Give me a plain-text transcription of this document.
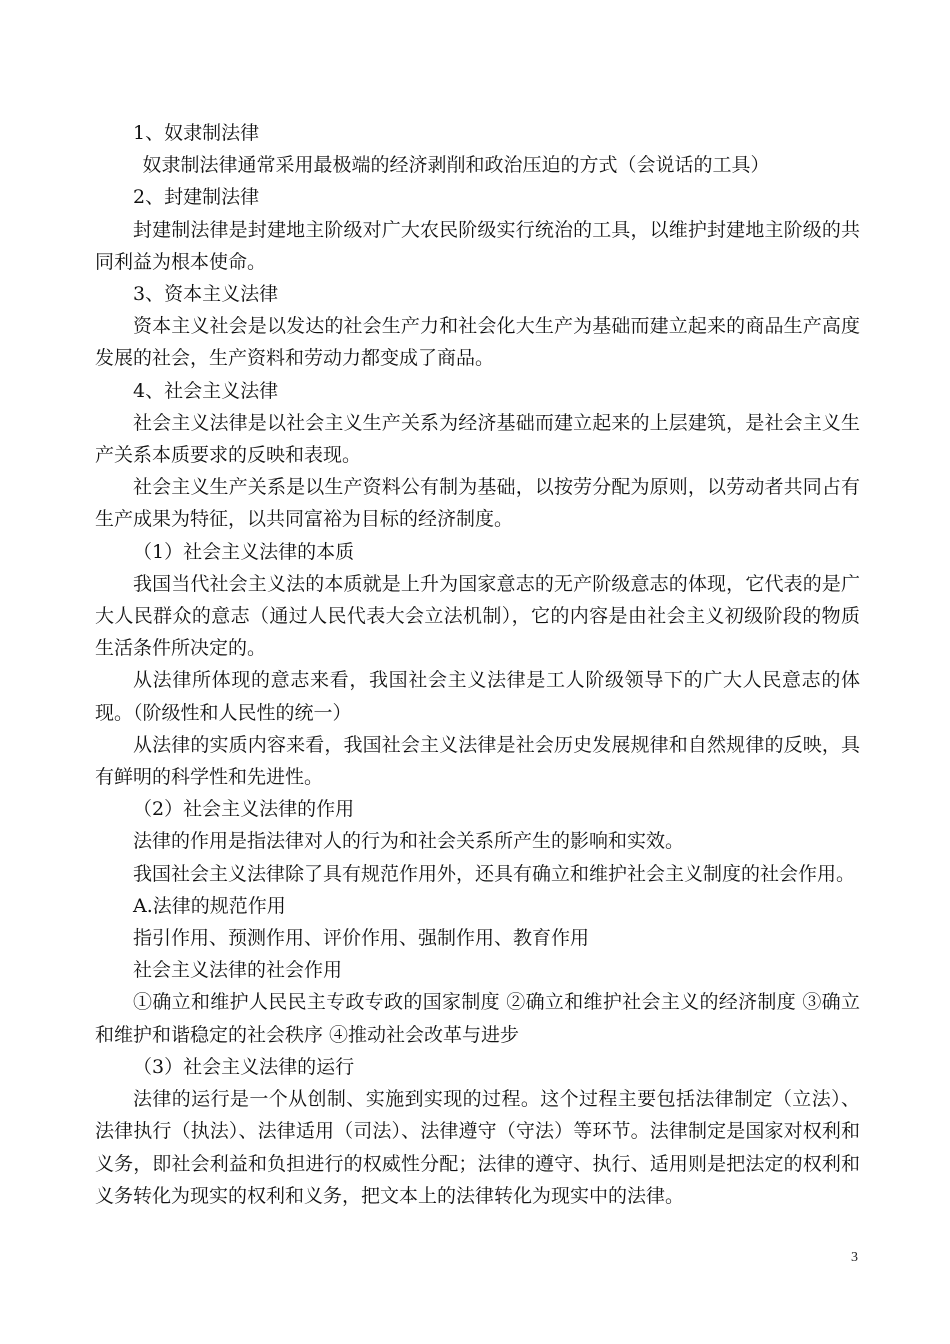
1、奴隶制法律

奴隶制法律通常采用最极端的经济剥削和政治压迫的方式（会说话的工具）

2、封建制法律

封建制法律是封建地主阶级对广大农民阶级实行统治的工具，以维护封建地主阶级的共同利益为根本使命。

3、资本主义法律

资本主义社会是以发达的社会生产力和社会化大生产为基础而建立起来的商品生产高度发展的社会，生产资料和劳动力都变成了商品。

4、社会主义法律

社会主义法律是以社会主义生产关系为经济基础而建立起来的上层建筑，是社会主义生产关系本质要求的反映和表现。

社会主义生产关系是以生产资料公有制为基础，以按劳分配为原则，以劳动者共同占有生产成果为特征，以共同富裕为目标的经济制度。

（1）社会主义法律的本质

我国当代社会主义法的本质就是上升为国家意志的无产阶级意志的体现，它代表的是广大人民群众的意志（通过人民代表大会立法机制），它的内容是由社会主义初级阶段的物质生活条件所决定的。

从法律所体现的意志来看，我国社会主义法律是工人阶级领导下的广大人民意志的体现。（阶级性和人民性的统一）

从法律的实质内容来看，我国社会主义法律是社会历史发展规律和自然规律的反映，具有鲜明的科学性和先进性。

（2）社会主义法律的作用

法律的作用是指法律对人的行为和社会关系所产生的影响和实效。

我国社会主义法律除了具有规范作用外，还具有确立和维护社会主义制度的社会作用。

A.法律的规范作用

指引作用、预测作用、评价作用、强制作用、教育作用

社会主义法律的社会作用

①确立和维护人民民主专政专政的国家制度 ②确立和维护社会主义的经济制度 ③确立和维护和谐稳定的社会秩序 ④推动社会改革与进步

（3）社会主义法律的运行

法律的运行是一个从创制、实施到实现的过程。这个过程主要包括法律制定（立法）、法律执行（执法）、法律适用（司法）、法律遵守（守法）等环节。法律制定是国家对权利和义务，即社会利益和负担进行的权威性分配；法律的遵守、执行、适用则是把法定的权利和义务转化为现实的权利和义务，把文本上的法律转化为现实中的法律。

3
